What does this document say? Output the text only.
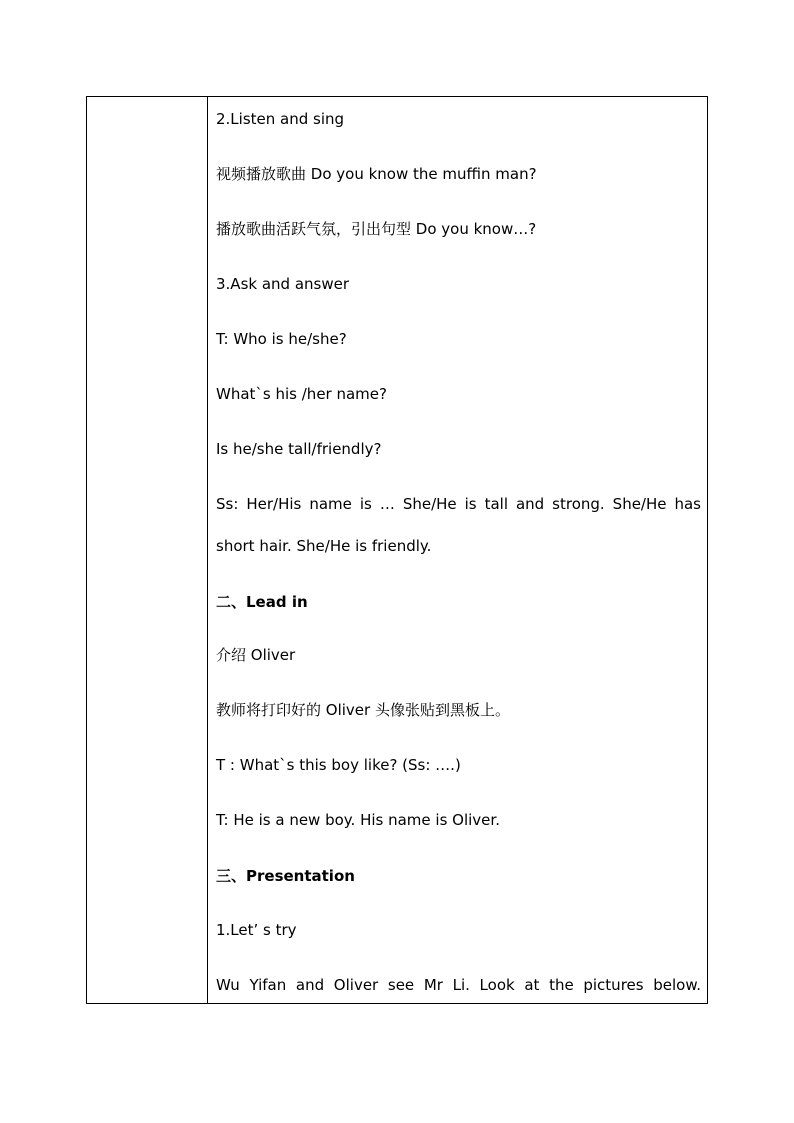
2.Listen and sing
视频播放歌曲 Do you know the muffin man?
播放歌曲活跃气氛，引出句型 Do you know…?
3.Ask and answer
T: Who is he/she?
What`s his /her name?
Is he/she tall/friendly?
Ss: Her/His name is … She/He is tall and strong. She/He has
short hair. She/He is friendly.
二、Lead in
介绍 Oliver
教师将打印好的 Oliver 头像张贴到黑板上。
T : What`s this boy like? (Ss: ….)
T: He is a new boy. His name is Oliver.
三、Presentation
1.Let’ s try
Wu Yifan and Oliver see Mr Li. Look at the pictures below.
